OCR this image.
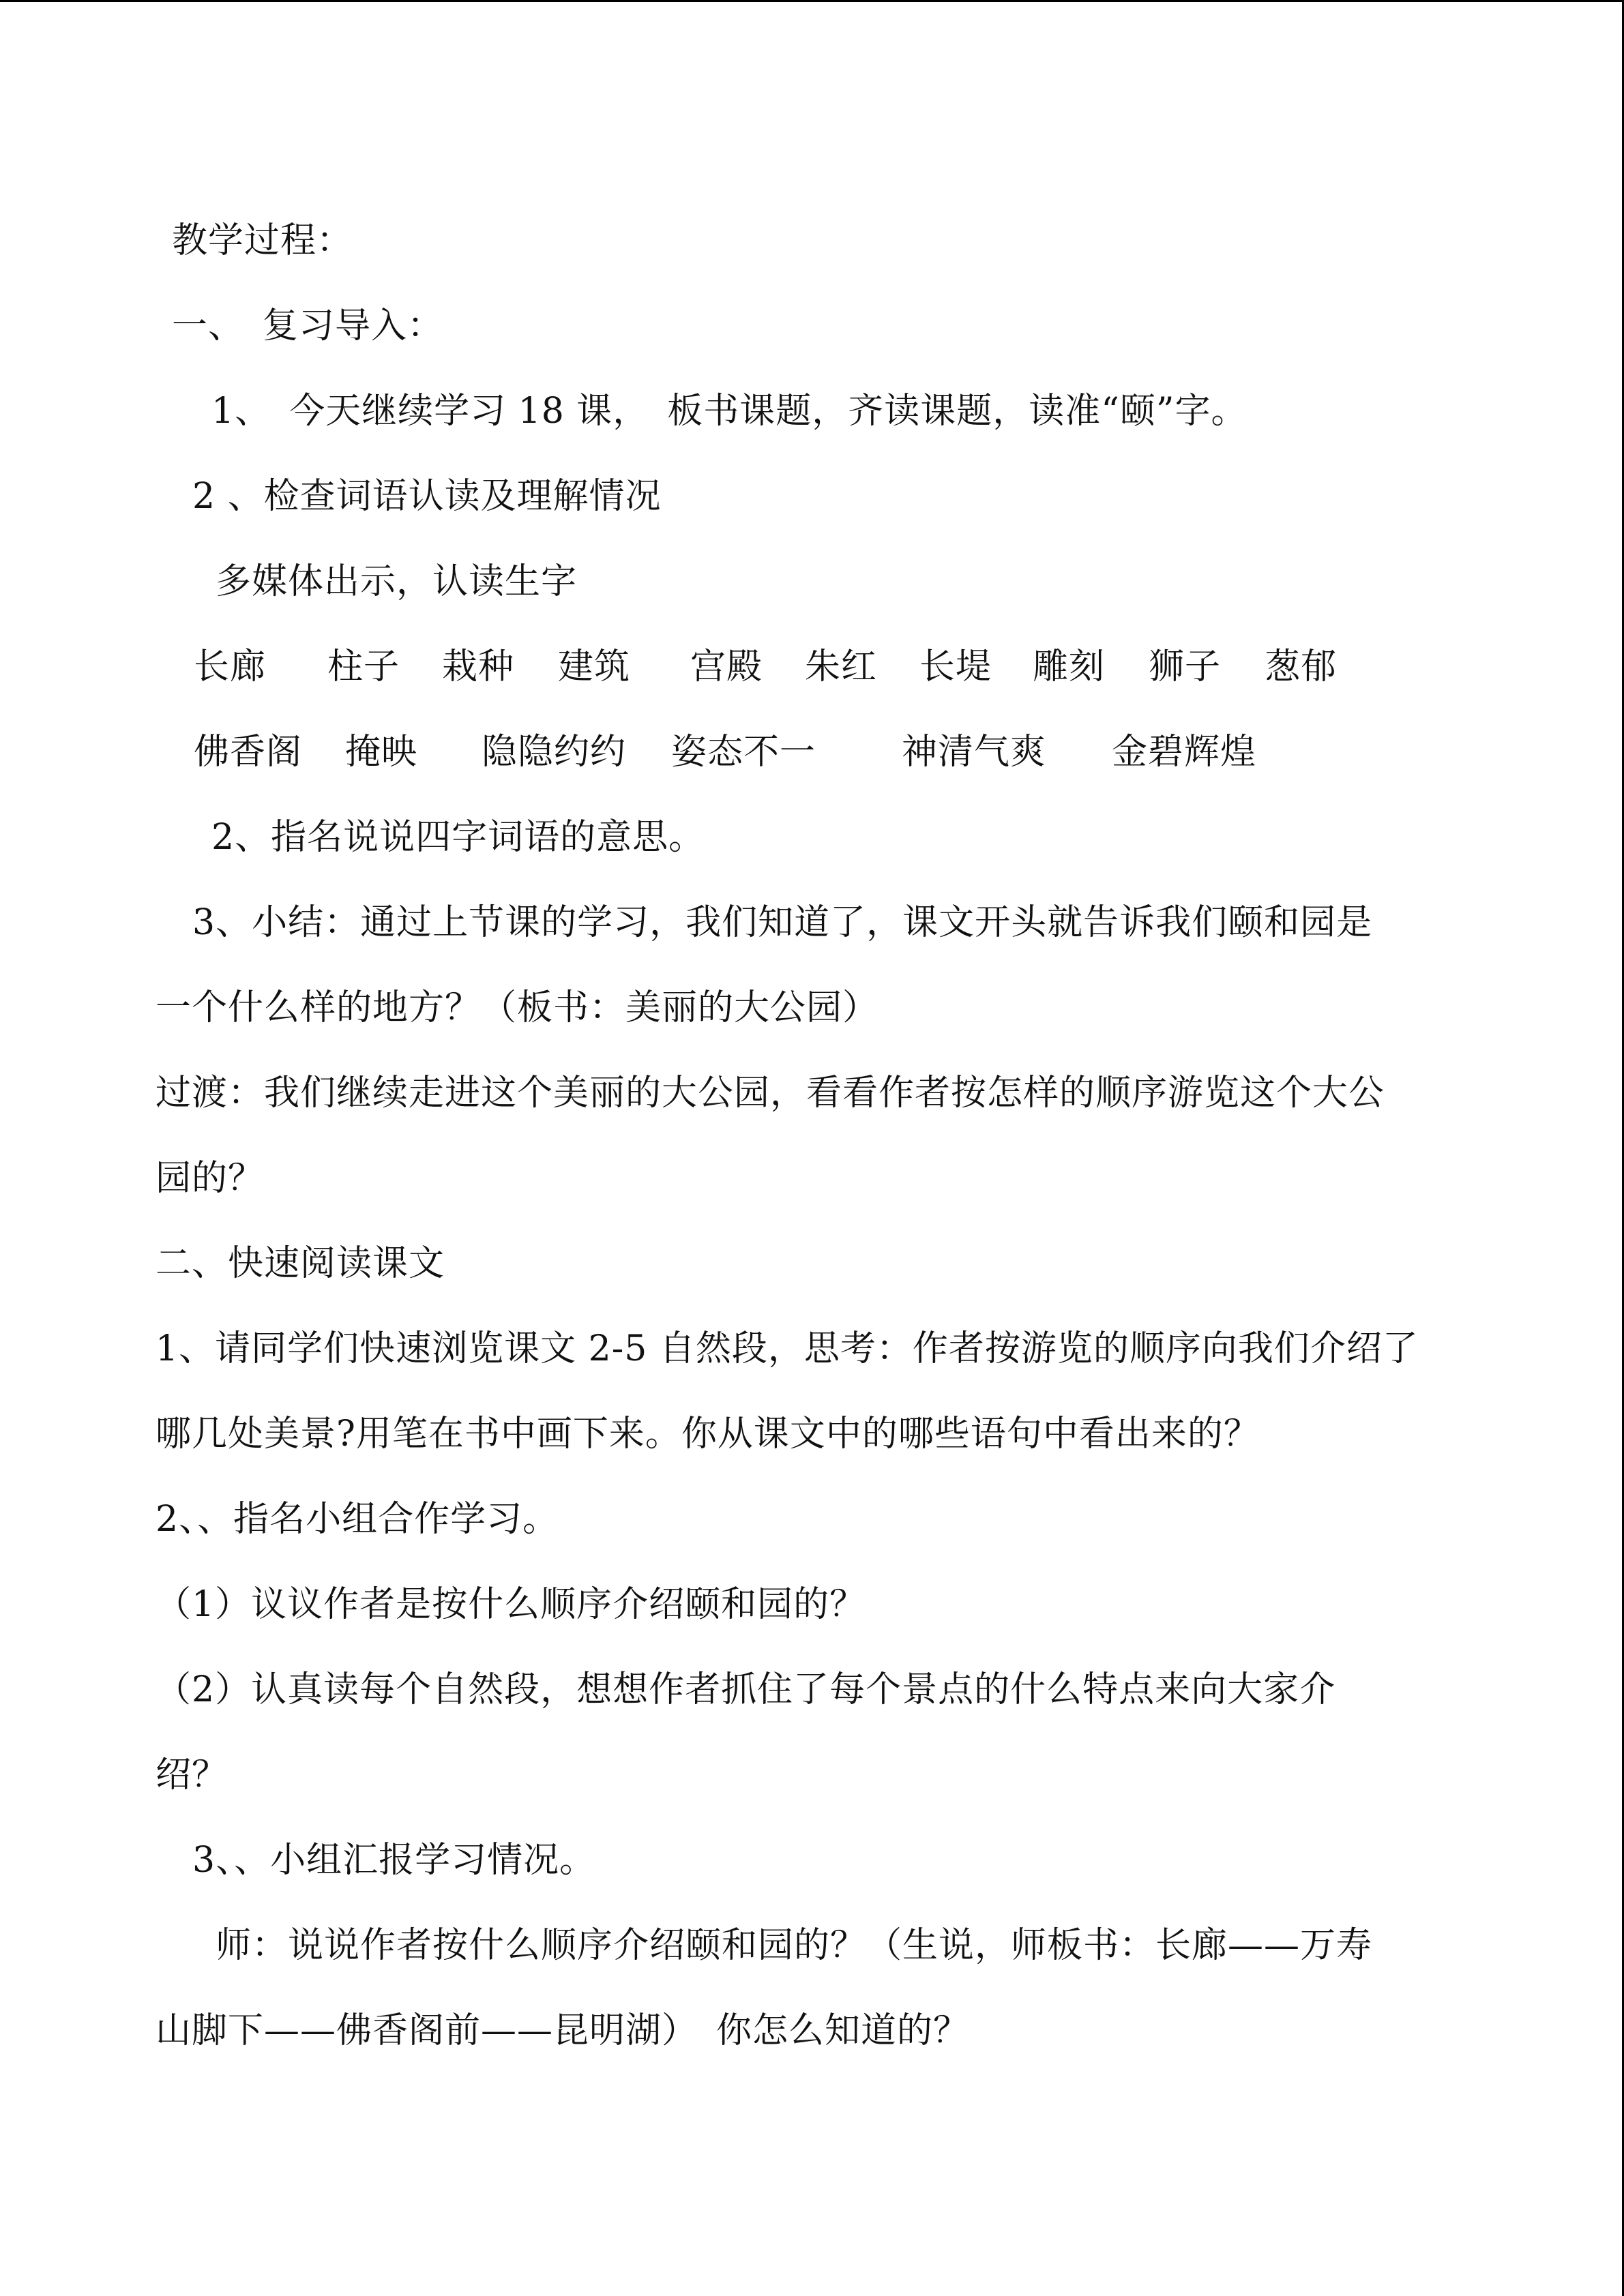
教学过程：
一、　复习导入：
1、　今天继续学习 18 课，　板书课题，齐读课题，读准“颐”字。
2 、检查词语认读及理解情况
多媒体出示，认读生字
长廊 柱子 栽种 建筑 宫殿 朱红 长堤 雕刻 狮子 葱郁
佛香阁 掩映 隐隐约约 姿态不一 神清气爽 金碧辉煌
2、指名说说四字词语的意思。
3、小结：通过上节课的学习，我们知道了，课文开头就告诉我们颐和园是
一个什么样的地方？（板书：美丽的大公园）
过渡：我们继续走进这个美丽的大公园，看看作者按怎样的顺序游览这个大公
园的？
二、快速阅读课文
1、请同学们快速浏览课文 2-5 自然段，思考：作者按游览的顺序向我们介绍了
哪几处美景?用笔在书中画下来。你从课文中的哪些语句中看出来的？
2、、指名小组合作学习。
（1）议议作者是按什么顺序介绍颐和园的？
（2）认真读每个自然段，想想作者抓住了每个景点的什么特点来向大家介
绍？
3、、小组汇报学习情况。
师：说说作者按什么顺序介绍颐和园的？（生说，师板书：长廊——万寿
山脚下——佛香阁前——昆明湖）　你怎么知道的？
